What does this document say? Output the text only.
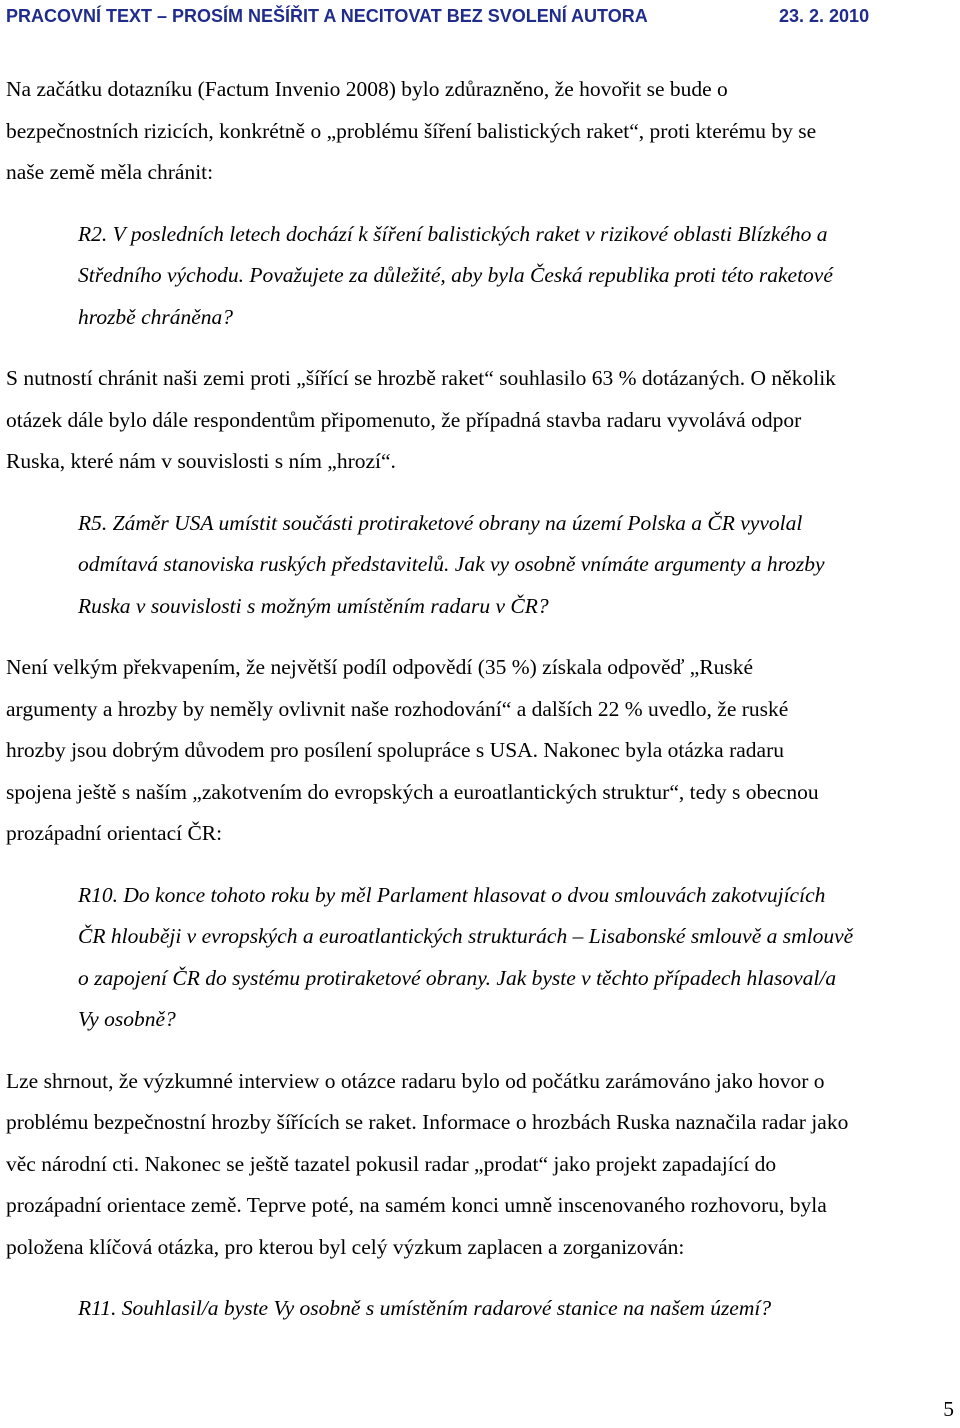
PRACOVNÍ TEXT – PROSÍM NEŠÍŘIT A NECITOVAT BEZ SVOLENÍ AUTORA	23. 2. 2010
Na začátku dotazníku (Factum Invenio 2008) bylo zdůrazněno, že hovořit se bude o
bezpečnostních rizicích, konkrétně o „problému šíření balistických raket“, proti kterému by se
naše země měla chránit:
R2. V posledních letech dochází k šíření balistických raket v rizikové oblasti Blízkého a
Středního východu. Považujete za důležité, aby byla Česká republika proti této raketové
hrozbě chráněna?
S nutností chránit naši zemi proti „šířící se hrozbě raket“ souhlasilo 63 % dotázaných. O několik
otázek dále bylo dále respondentům připomenuto, že případná stavba radaru vyvolává odpor
Ruska, které nám v souvislosti s ním „hrozí“.
R5. Záměr USA umístit součásti protiraketové obrany na území Polska a ČR vyvolal
odmítavá stanoviska ruských představitelů. Jak vy osobně vnímáte argumenty a hrozby
Ruska v souvislosti s možným umístěním radaru v ČR?
Není velkým překvapením, že největší podíl odpovědí (35 %) získala odpověď „Ruské
argumenty a hrozby by neměly ovlivnit naše rozhodování“ a dalších 22 % uvedlo, že ruské
hrozby jsou dobrým důvodem pro posílení spolupráce s USA. Nakonec byla otázka radaru
spojena ještě s naším „zakotvením do evropských a euroatlantických struktur“, tedy s obecnou
prozápadní orientací ČR:
R10. Do konce tohoto roku by měl Parlament hlasovat o dvou smlouvách zakotvujících
ČR hlouběji v evropských a euroatlantických strukturách – Lisabonské smlouvě a smlouvě
o zapojení ČR do systému protiraketové obrany. Jak byste v těchto případech hlasoval/a
Vy osobně?
Lze shrnout, že výzkumné interview o otázce radaru bylo od počátku zarámováno jako hovor o
problému bezpečnostní hrozby šířících se raket. Informace o hrozbách Ruska naznačila radar jako
věc národní cti. Nakonec se ještě tazatel pokusil radar „prodat“ jako projekt zapadající do
prozápadní orientace země. Teprve poté, na samém konci umně inscenovaného rozhovoru, byla
položena klíčová otázka, pro kterou byl celý výzkum zaplacen a zorganizován:
R11. Souhlasil/a byste Vy osobně s umístěním radarové stanice na našem území?
5
